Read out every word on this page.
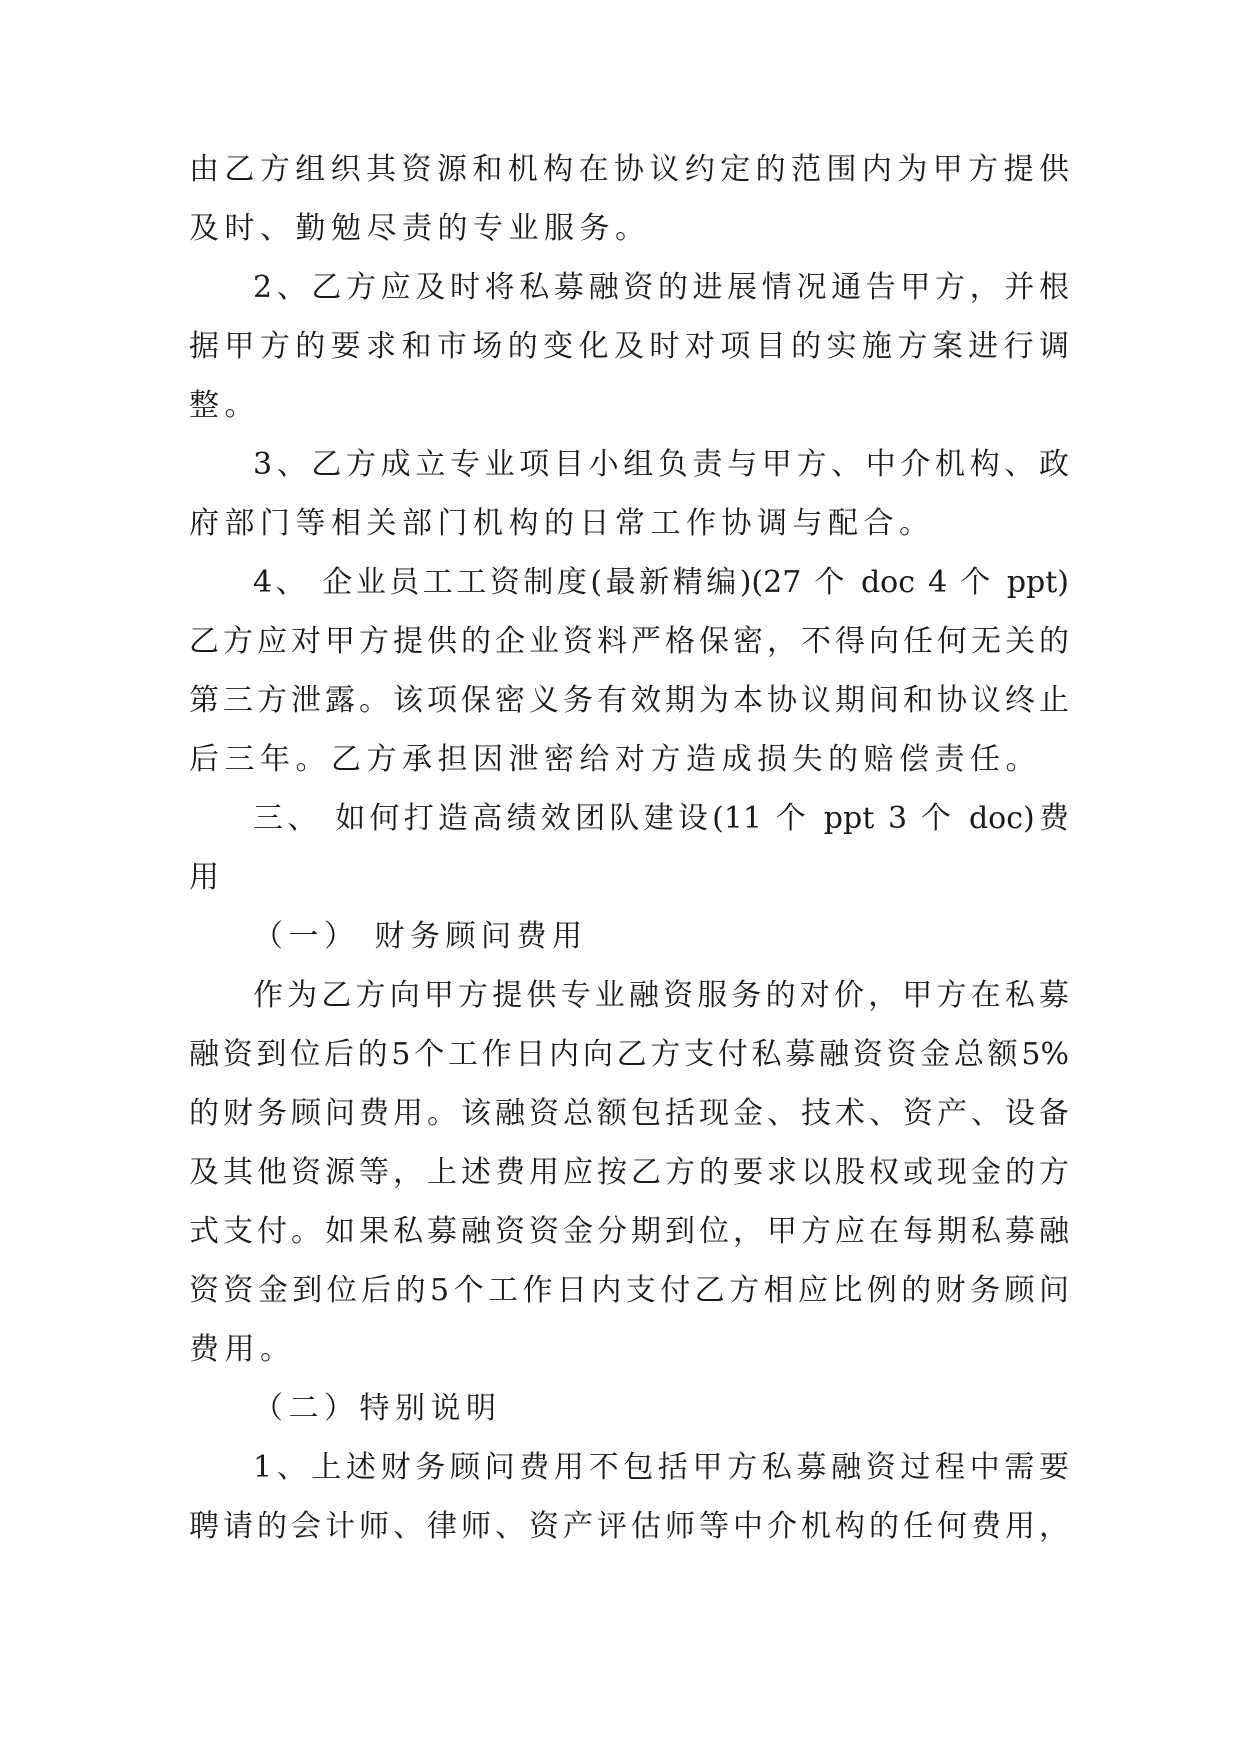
由乙方组织其资源和机构在协议约定的范围内为甲方提供
及时、勤勉尽责的专业服务。
2、乙方应及时将私募融资的进展情况通告甲方，并根
据甲方的要求和市场的变化及时对项目的实施方案进行调
整。
3、乙方成立专业项目小组负责与甲方、中介机构、政
府部门等相关部门机构的日常工作协调与配合。
4、 企业员工工资制度(最新精编)(27 个 doc 4 个 ppt)
乙方应对甲方提供的企业资料严格保密，不得向任何无关的
第三方泄露。该项保密义务有效期为本协议期间和协议终止
后三年。乙方承担因泄密给对方造成损失的赔偿责任。
三、 如何打造高绩效团队建设(11 个 ppt 3 个 doc)费
用
（一） 财务顾问费用
作为乙方向甲方提供专业融资服务的对价，甲方在私募
融资到位后的5个工作日内向乙方支付私募融资资金总额5%
的财务顾问费用。该融资总额包括现金、技术、资产、设备
及其他资源等，上述费用应按乙方的要求以股权或现金的方
式支付。如果私募融资资金分期到位，甲方应在每期私募融
资资金到位后的5个工作日内支付乙方相应比例的财务顾问
费用。
（二）特别说明
1、上述财务顾问费用不包括甲方私募融资过程中需要
聘请的会计师、律师、资产评估师等中介机构的任何费用，
